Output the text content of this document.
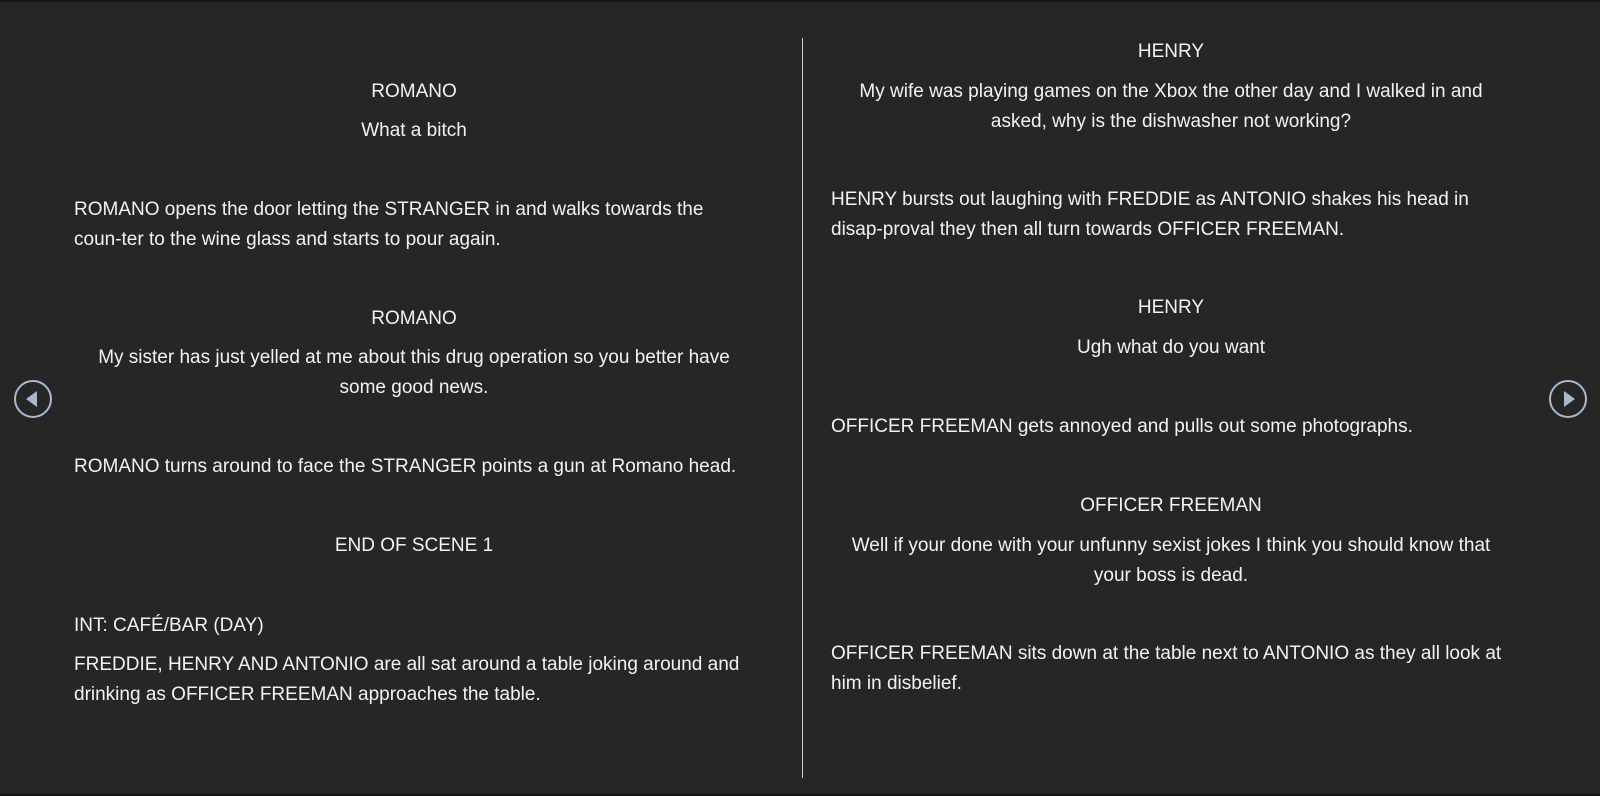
ROMANO

What a bitch

ROMANO opens the door letting the STRANGER in and walks towards the coun-ter to the wine glass and starts to pour again.

ROMANO

My sister has just yelled at me about this drug operation so you better have some good news.

ROMANO turns around to face the STRANGER points a gun at Romano head.

END OF SCENE 1

INT: CAFÉ/BAR (DAY)

FREDDIE, HENRY AND ANTONIO are all sat around a table joking around and drinking as OFFICER FREEMAN approaches the table.

HENRY

My wife was playing games on the Xbox the other day and I walked in and asked, why is the dishwasher not working?

HENRY bursts out laughing with FREDDIE as ANTONIO shakes his head in disap-proval they then all turn towards OFFICER FREEMAN.

HENRY

Ugh what do you want

OFFICER FREEMAN gets annoyed and pulls out some photographs.

OFFICER FREEMAN

Well if your done with your unfunny sexist jokes I think you should know that your boss is dead.

OFFICER FREEMAN sits down at the table next to ANTONIO as they all look at him in disbelief.
